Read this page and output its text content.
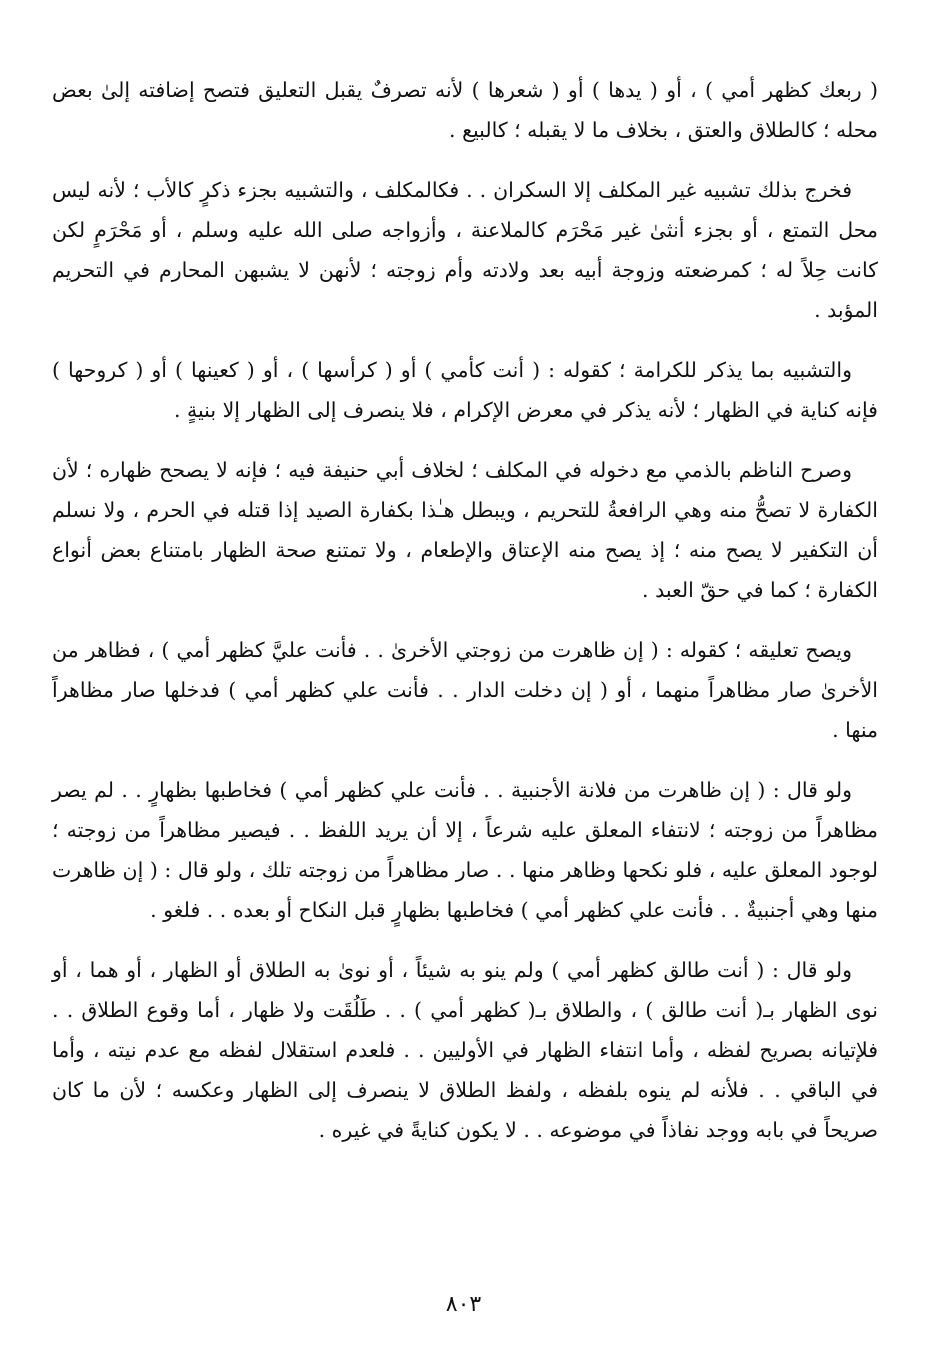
( ربعك كظهر أمي ) ، أو ( يدها ) أو ( شعرها ) لأنه تصرفٌ يقبل التعليق فتصح إضافته إلىٰ بعض محله ؛ كالطلاق والعتق ، بخلاف ما لا يقبله ؛ كالبيع .

فخرج بذلك تشبيه غير المكلف إلا السكران . . فكالمكلف ، والتشبيه بجزء ذكرٍ كالأب ؛ لأنه ليس محل التمتع ، أو بجزء أنثىٰ غير مَحْرَم كالملاعنة ، وأزواجه صلى الله عليه وسلم ، أو مَحْرَمٍ لكن كانت حِلاً له ؛ كمرضعته وزوجة أبيه بعد ولادته وأم زوجته ؛ لأنهن لا يشبهن المحارم في التحريم المؤبد .

والتشبيه بما يذكر للكرامة ؛ كقوله : ( أنت كأمي ) أو ( كرأسها ) ، أو ( كعينها ) أو ( كروحها ) فإنه كناية في الظهار ؛ لأنه يذكر في معرض الإكرام ، فلا ينصرف إلى الظهار إلا بنيةٍ .

وصرح الناظم بالذمي مع دخوله في المكلف ؛ لخلاف أبي حنيفة فيه ؛ فإنه لا يصحح ظهاره ؛ لأن الكفارة لا تصحُّ منه وهي الرافعةُ للتحريم ، ويبطل هـٰذا بكفارة الصيد إذا قتله في الحرم ، ولا نسلم أن التكفير لا يصح منه ؛ إذ يصح منه الإعتاق والإطعام ، ولا تمتنع صحة الظهار بامتناع بعض أنواع الكفارة ؛ كما في حقّ العبد .

ويصح تعليقه ؛ كقوله : ( إن ظاهرت من زوجتي الأخرىٰ . . فأنت عليَّ كظهر أمي ) ، فظاهر من الأخرىٰ صار مظاهراً منهما ، أو ( إن دخلت الدار . . فأنت علي كظهر أمي ) فدخلها صار مظاهراً منها .

ولو قال : ( إن ظاهرت من فلانة الأجنبية . . فأنت علي كظهر أمي ) فخاطبها بظهارٍ . . لم يصر مظاهراً من زوجته ؛ لانتفاء المعلق عليه شرعاً ، إلا أن يريد اللفظ . . فيصير مظاهراً من زوجته ؛ لوجود المعلق عليه ، فلو نكحها وظاهر منها . . صار مظاهراً من زوجته تلك ، ولو قال : ( إن ظاهرت منها وهي أجنبيةٌ . . فأنت علي كظهر أمي ) فخاطبها بظهارٍ قبل النكاح أو بعده . . فلغو .

ولو قال : ( أنت طالق كظهر أمي ) ولم ينو به شيئاً ، أو نوىٰ به الطلاق أو الظهار ، أو هما ، أو نوى الظهار بـ( أنت طالق ) ، والطلاق بـ( كظهر أمي ) . . طَلُقَت ولا ظهار ، أما وقوع الطلاق . . فلإتيانه بصريح لفظه ، وأما انتفاء الظهار في الأوليين . . فلعدم استقلال لفظه مع عدم نيته ، وأما في الباقي . . فلأنه لم ينوه بلفظه ، ولفظ الطلاق لا ينصرف إلى الظهار وعكسه ؛ لأن ما كان صريحاً في بابه ووجد نفاذاً في موضوعه . . لا يكون كنايةً في غيره .

٨٠٣
